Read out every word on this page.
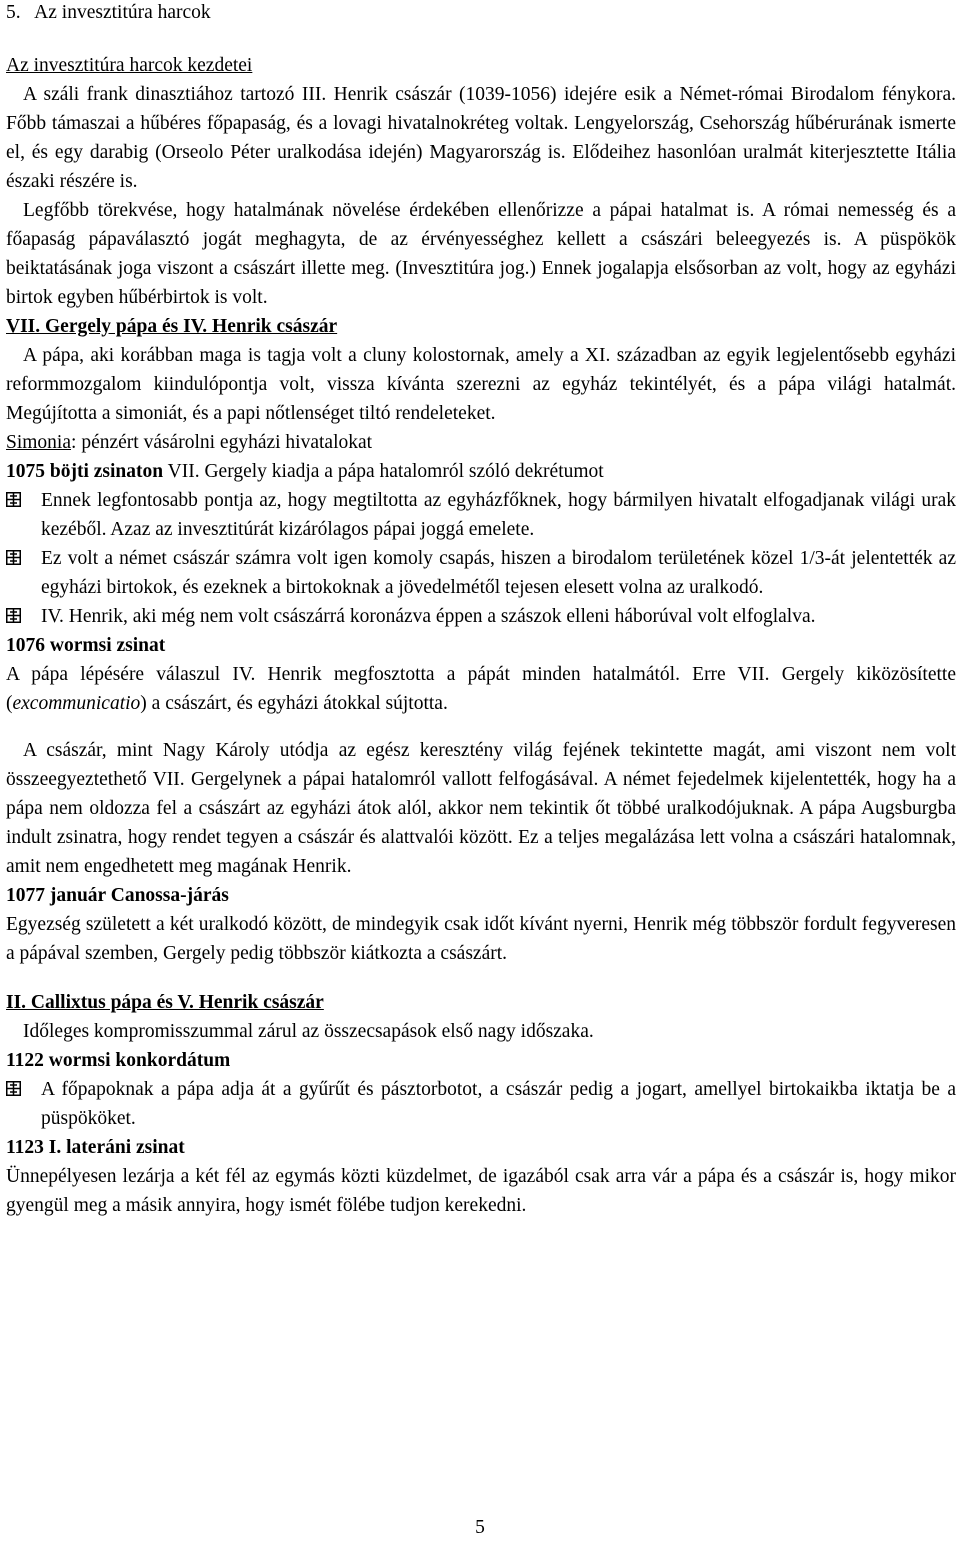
5.   Az invesztitúra harcok
Az invesztitúra harcok kezdetei

A száli frank dinasztiához tartozó III. Henrik császár (1039-1056) idejére esik a Német-római Birodalom fénykora. Főbb támaszai a hűbéres főpapaság, és a lovagi hivatalnokréteg voltak. Lengyelország, Csehország hűbérurának ismerte el, és egy darabig (Orseolo Péter uralkodása idején) Magyarország is. Elődeihez hasonlóan uralmát kiterjesztette Itália északi részére is.

Legfőbb törekvése, hogy hatalmának növelése érdekében ellenőrizze a pápai hatalmat is. A római nemesség és a főapaság pápaválasztó jogát meghagyta, de az érvényességhez kellett a császári beleegyezés is. A püspökök beiktatásának joga viszont a császárt illette meg. (Invesztitúra jog.) Ennek jogalapja elsősorban az volt, hogy az egyházi birtok egyben hűbérbirtok is volt.

VII. Gergely pápa és IV. Henrik császár

A pápa, aki korábban maga is tagja volt a cluny kolostornak, amely a XI. században az egyik legjelentősebb egyházi reformmozgalom kiindulópontja volt, vissza kívánta szerezni az egyház tekintélyét, és a pápa világi hatalmát. Megújította a simoniát, és a papi nőtlenséget tiltó rendeleteket.

Simonia: pénzért vásárolni egyházi hivatalokat

1075 böjti zsinaton VII. Gergely kiadja a pápa hatalomról szóló dekrétumot

Ennek legfontosabb pontja az, hogy megtiltotta az egyházfőknek, hogy bármilyen hivatalt elfogadjanak világi urak kezéből. Azaz az invesztitúrát kizárólagos pápai joggá emelete.
Ez volt a német császár számra volt igen komoly csapás, hiszen a birodalom területének közel 1/3-át jelentették az egyházi birtokok, és ezeknek a birtokoknak a jövedelmétől tejesen elesett volna az uralkodó.
IV. Henrik, aki még nem volt császárrá koronázva éppen a szászok elleni háborúval volt elfoglalva.
1076 wormsi zsinat

A pápa lépésére válaszul IV. Henrik megfosztotta a pápát minden hatalmától. Erre VII. Gergely kiközösítette (excommunicatio) a császárt, és egyházi átokkal sújtotta.

A császár, mint Nagy Károly utódja az egész keresztény világ fejének tekintette magát, ami viszont nem volt összeegyeztethető VII. Gergelynek a pápai hatalomról vallott felfogásával. A német fejedelmek kijelentették, hogy ha a pápa nem oldozza fel a császárt az egyházi átok alól, akkor nem tekintik őt többé uralkodójuknak. A pápa Augsburgba indult zsinatra, hogy rendet tegyen a császár és alattvalói között. Ez a teljes megalázása lett volna a császári hatalomnak, amit nem engedhetett meg magának Henrik.

1077 január Canossa-járás

Egyezség született a két uralkodó között, de mindegyik csak időt kívánt nyerni, Henrik még többször fordult fegyveresen a pápával szemben, Gergely pedig többször kiátkozta a császárt.

II. Callixtus pápa és V. Henrik császár

Időleges kompromisszummal zárul az összecsapások első nagy időszaka.

1122 wormsi konkordátum
A főpapoknak a pápa adja át a gyűrűt és pásztorbotot, a császár pedig a jogart, amellyel birtokaikba iktatja be a püspököket.
1123 I. lateráni zsinat

Ünnepélyesen lezárja a két fél az egymás közti küzdelmet, de igazából csak arra vár a pápa és a császár is, hogy mikor gyengül meg a másik annyira, hogy ismét fölébe tudjon kerekedni.

5
